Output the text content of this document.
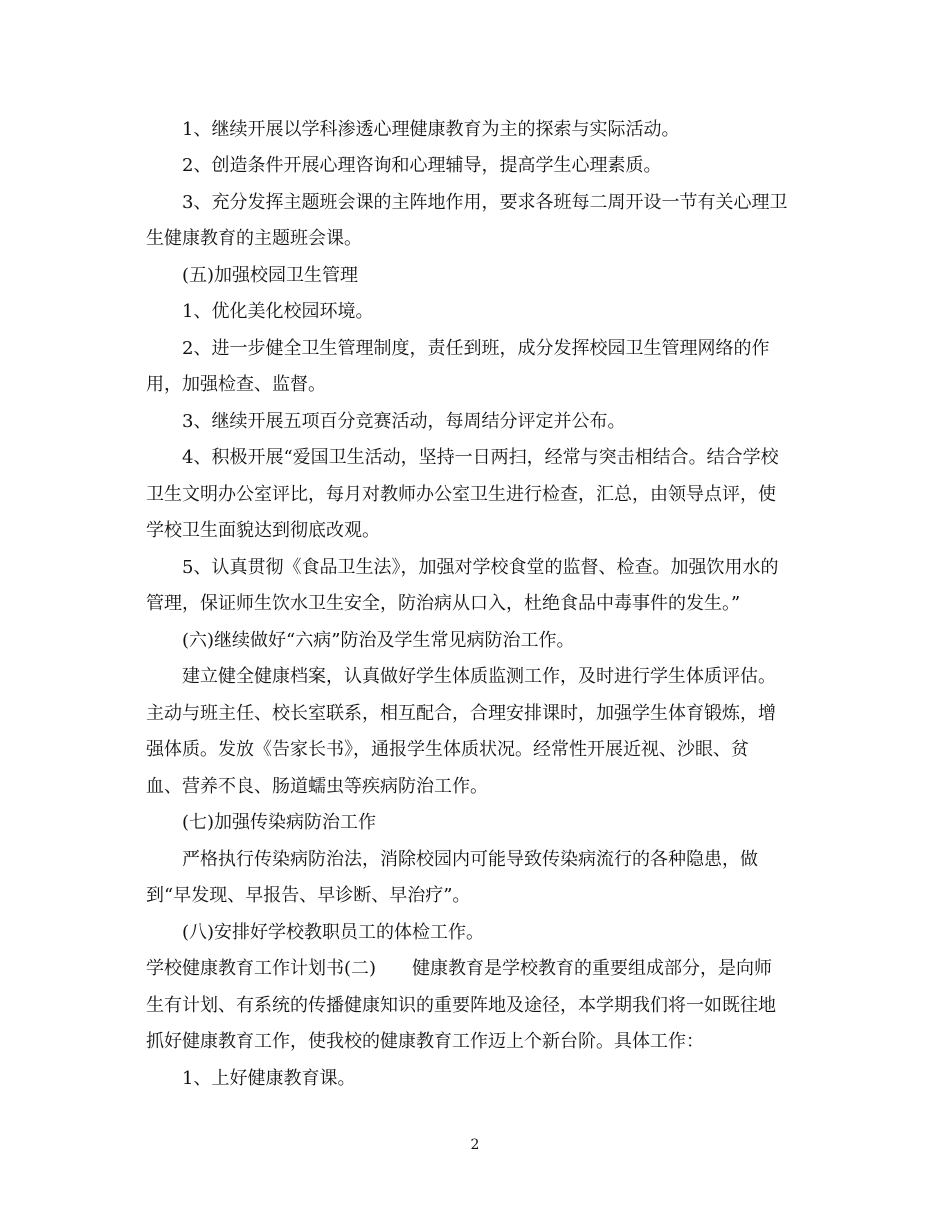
1、继续开展以学科渗透心理健康教育为主的探索与实际活动。
2、创造条件开展心理咨询和心理辅导，提高学生心理素质。
3、充分发挥主题班会课的主阵地作用，要求各班每二周开设一节有关心理卫
生健康教育的主题班会课。
(五)加强校园卫生管理
1、优化美化校园环境。
2、进一步健全卫生管理制度，责任到班，成分发挥校园卫生管理网络的作
用，加强检查、监督。
3、继续开展五项百分竞赛活动，每周结分评定并公布。
4、积极开展“爱国卫生活动，坚持一日两扫，经常与突击相结合。结合学校
卫生文明办公室评比，每月对教师办公室卫生进行检查，汇总，由领导点评，使
学校卫生面貌达到彻底改观。
5、认真贯彻《食品卫生法》，加强对学校食堂的监督、检查。加强饮用水的
管理，保证师生饮水卫生安全，防治病从口入，杜绝食品中毒事件的发生。”
(六)继续做好“六病”防治及学生常见病防治工作。
建立健全健康档案，认真做好学生体质监测工作，及时进行学生体质评估。
主动与班主任、校长室联系，相互配合，合理安排课时，加强学生体育锻炼，增
强体质。发放《告家长书》，通报学生体质状况。经常性开展近视、沙眼、贫
血、营养不良、肠道蠕虫等疾病防治工作。
(七)加强传染病防治工作
严格执行传染病防治法，消除校园内可能导致传染病流行的各种隐患，做
到“早发现、早报告、早诊断、早治疗”。
(八)安排好学校教职员工的体检工作。
学校健康教育工作计划书(二)　　健康教育是学校教育的重要组成部分，是向师
生有计划、有系统的传播健康知识的重要阵地及途径，本学期我们将一如既往地
抓好健康教育工作，使我校的健康教育工作迈上个新台阶。具体工作：
1、上好健康教育课。
2
